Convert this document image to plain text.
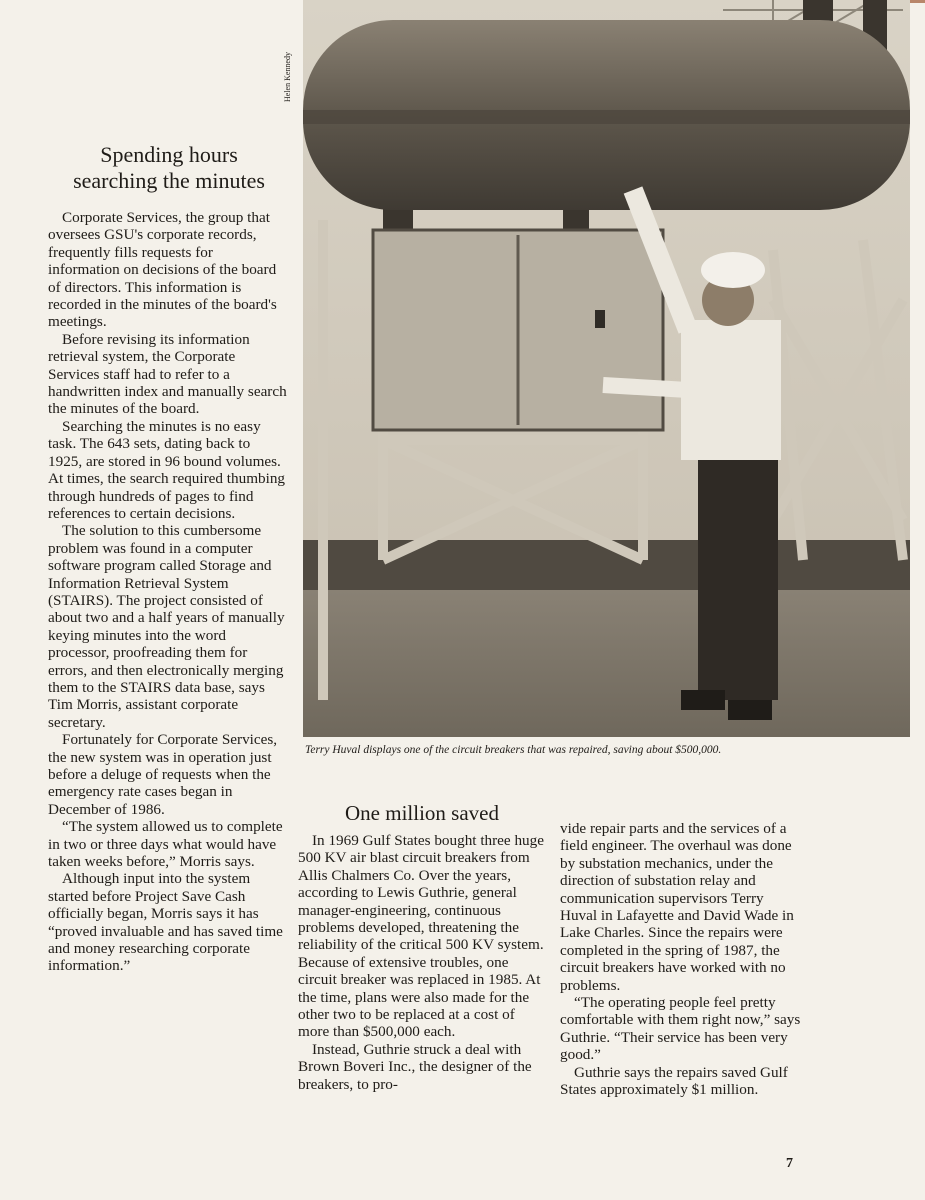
Helen Kennedy
Spending hours
searching the minutes

Corporate Services, the group that oversees GSU's corporate records, frequently fills requests for information on decisions of the board of directors. This information is recorded in the minutes of the board's meetings.

Before revising its information retrieval system, the Corporate Services staff had to refer to a handwritten index and manually search the minutes of the board.

Searching the minutes is no easy task. The 643 sets, dating back to 1925, are stored in 96 bound volumes. At times, the search required thumbing through hundreds of pages to find references to certain decisions.

The solution to this cumbersome problem was found in a computer software program called Storage and Information Retrieval System (STAIRS). The project consisted of about two and a half years of manually keying minutes into the word processor, proofreading them for errors, and then electronically merging them to the STAIRS data base, says Tim Morris, assistant corporate secretary.

Fortunately for Corporate Services, the new system was in operation just before a deluge of requests when the emergency rate cases began in December of 1986.

“The system allowed us to complete in two or three days what would have taken weeks before,” Morris says.

Although input into the system started before Project Save Cash officially began, Morris says it has “proved invaluable and has saved time and money researching corporate information.”

Terry Huval displays one of the circuit breakers that was repaired, saving about $500,000.
One million saved

In 1969 Gulf States bought three huge 500 KV air blast circuit breakers from Allis Chalmers Co. Over the years, according to Lewis Guthrie, general manager-engineering, continuous problems developed, threatening the reliability of the critical 500 KV system. Because of extensive troubles, one circuit breaker was replaced in 1985. At the time, plans were also made for the other two to be replaced at a cost of more than $500,000 each.

Instead, Guthrie struck a deal with Brown Boveri Inc., the designer of the breakers, to pro-

vide repair parts and the services of a field engineer. The overhaul was done by substation mechanics, under the direction of substation relay and communication supervisors Terry Huval in Lafayette and David Wade in Lake Charles. Since the repairs were completed in the spring of 1987, the circuit breakers have worked with no problems.

“The operating people feel pretty comfortable with them right now,” says Guthrie. “Their service has been very good.”

Guthrie says the repairs saved Gulf States approximately $1 million.

7
